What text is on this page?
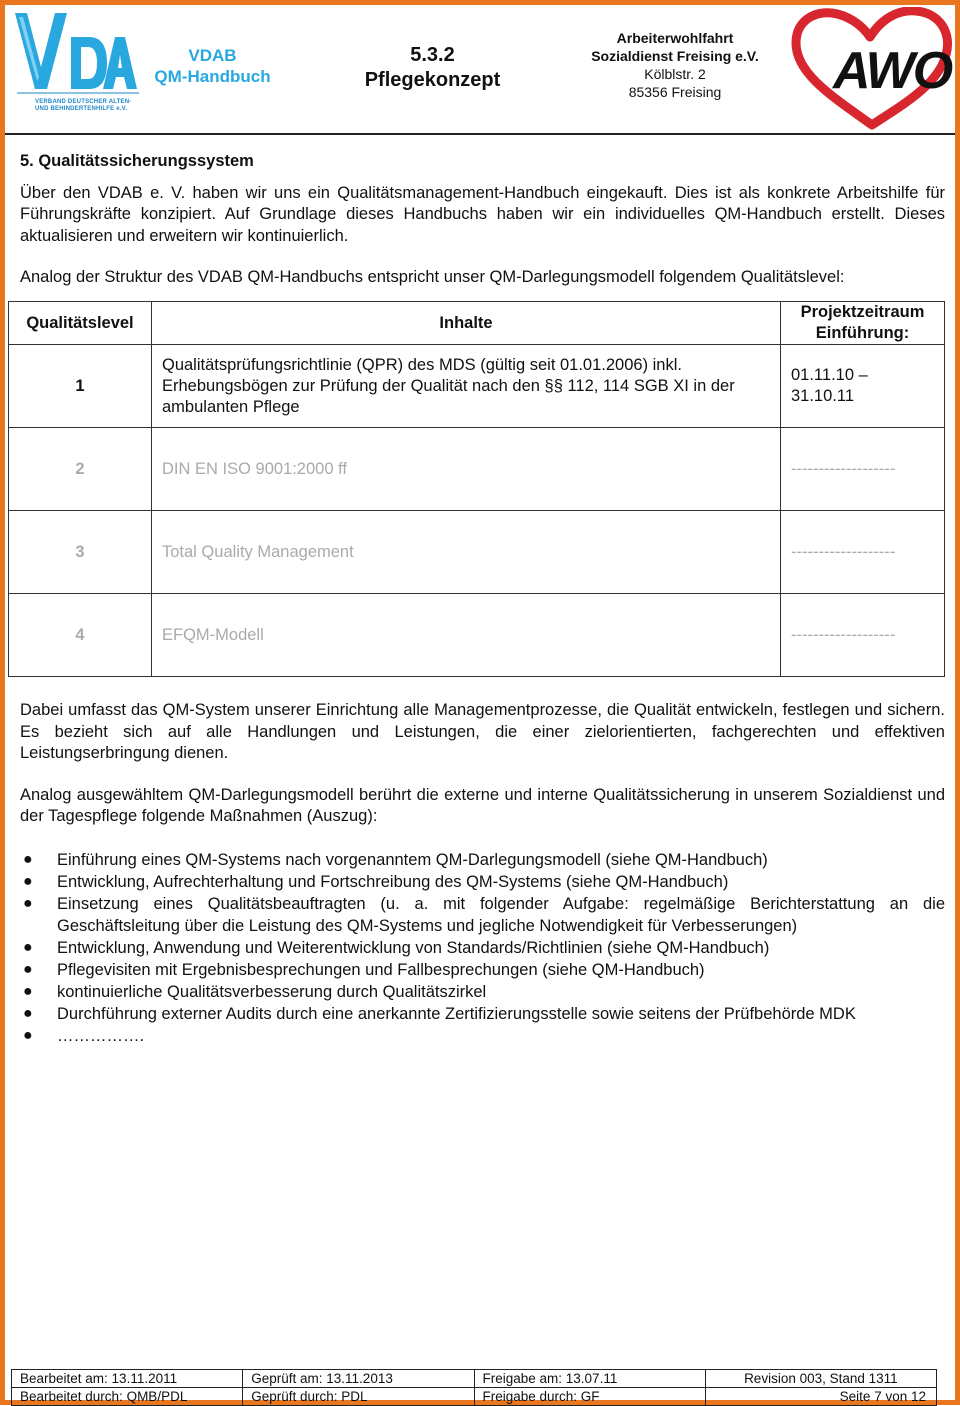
VERBAND DEUTSCHER ALTEN-
UND BEHINDERTENHILFE e.V.
VDAB
QM-Handbuch
5.3.2
Pflegekonzept
Arbeiterwohlfahrt
Sozialdienst Freising e.V.
Kölblstr. 2
85356 Freising	AWO
5. Qualitätssicherungssystem

Über den VDAB e. V. haben wir uns ein Qualitätsmanagement-Handbuch eingekauft. Dies ist als konkrete Arbeitshilfe für Führungskräfte konzipiert. Auf Grundlage dieses Handbuchs haben wir ein individuelles QM-Handbuch erstellt. Dieses aktualisieren und erweitern wir kontinuierlich.

Analog der Struktur des VDAB QM-Handbuchs entspricht unser QM-Darlegungsmodell folgendem Qualitätslevel:

Qualitätslevel	Inhalte	Projektzeitraum Einführung:
1	Qualitätsprüfungsrichtlinie (QPR) des MDS (gültig seit 01.01.2006) inkl. Erhebungsbögen zur Prüfung der Qualität nach den §§ 112, 114 SGB XI in der ambulanten Pflege	01.11.10 – 31.10.11
2	DIN EN ISO 9001:2000 ff	-------------------
3	Total Quality Management	-------------------
4	EFQM-Modell	-------------------

Dabei umfasst das QM-System unserer Einrichtung alle Managementprozesse, die Qualität entwickeln, festlegen und sichern. Es bezieht sich auf alle Handlungen und Leistungen, die einer zielorientierten, fachgerechten und effektiven Leistungserbringung dienen.

Analog ausgewähltem QM-Darlegungsmodell berührt die externe und interne Qualitätssicherung in unserem Sozialdienst und der Tagespflege folgende Maßnahmen (Auszug):

● Einführung eines QM-Systems nach vorgenanntem QM-Darlegungsmodell (siehe QM-Handbuch)
● Entwicklung, Aufrechterhaltung und Fortschreibung des QM-Systems (siehe QM-Handbuch)
● Einsetzung eines Qualitätsbeauftragten (u. a. mit folgender Aufgabe: regelmäßige Berichterstattung an die Geschäftsleitung über die Leistung des QM-Systems und jegliche Notwendigkeit für Verbesserungen)
● Entwicklung, Anwendung und Weiterentwicklung von Standards/Richtlinien (siehe QM-Handbuch)
● Pflegevisiten mit Ergebnisbesprechungen und Fallbesprechungen (siehe QM-Handbuch)
● kontinuierliche Qualitätsverbesserung durch Qualitätszirkel
● Durchführung externer Audits durch eine anerkannte Zertifizierungsstelle sowie seitens der Prüfbehörde MDK
● …………….
Bearbeitet am: 13.11.2011	Geprüft am: 13.11.2013	Freigabe am: 13.07.11	Revision 003, Stand 1311
Bearbeitet durch: QMB/PDL	Geprüft durch: PDL	Freigabe durch: GF	Seite 7 von 12
